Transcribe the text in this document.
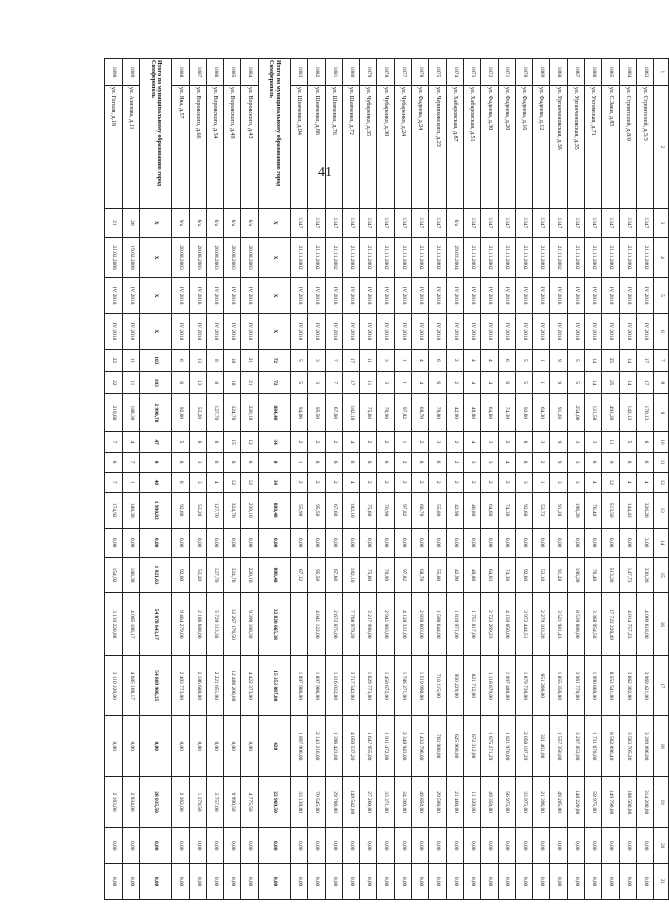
41
1	2	3	4	5	6	7	8	9	10	11	12	13	14	15	16	17	18	19	20	21
1063	ул. Строителей, д.5/3	1347	21.11.2002	IV 2018	IV 2018	17	17	170,13	6	6	4	326,20	3,00	330,20	4 009 616,00	3 969 421,00	3 399 896,00	314 200,00	0,00	0,00
1064	ул. Строителей, д.8/0	1347	21.11.2002	IV 2018	IV 2018	14	14	142,13	5	6	4	144,43	0,00	147,73	4 014 757,23	3 662 302,00	3 563 705,20	106 500,00	0,00	0,00
1065	ул. С.Заки, д.85	1347	21.11.2002	IV 2018	IV 2018	25	25	493,20	11	9	12	513,50	0,00	513,20	17 722 228,49	8 551 541,00	8 562 896,40	149 790,00	0,00	0,00
1066	ул. Ухтомская, д.71	1347	21.11.2002	IV 2018	IV 2018	14	14	121,58	3	6	4	76,40	0,00	76,40	3 368 954,58	1 990 660,00	1 731 678,00	59 975,00	0,00	0,00
1067	ул. Урганченовская, д.35	1347	21.11.2002	IV 2018	IV 2018	5	5	254,00	3	3	3	196,20	0,00	196,20	8 539 608,00	3 961 770,00	3 297 853,00	148 220,00	0,00	0,00
1068	ул. Урганченовская, д.36	1347	21.11.2002	IV 2018	IV 2018	9	9	91,28	9	9	3	91,28	0,00	91,28	3 521 981,43	1 855 356,00	1 557 350,00	49 205,00	0,00	0,00
1069	ул. Фадеева, д.12	1347	21.11.2002	IV 2018	IV 2018	1	1	64,30	3	2	1	53,72	0,00	53,10	2 279 103,20	651 200,00	321 461,00	21 396,00	0,00	0,00
1070	ул. Фадеева, д.16	1347	21.11.2002	IV 2018	IV 2018	5	5	92,60	6	6	3	92,60	0,00	92,60	3 972 444,51	1 879 730,00	2 058 197,29	33 975,00	0,00	0,00
1071	ул. Фадеева, д.20	1347	21.11.2002	IV 2018	IV 2018	6	6	74,30	2	4	2	74,30	0,00	74,30	4 159 050,00	1 997 480,00	1 821 970,00	56 975,00	0,00	0,00
1072	ул. Фадеева, д.30	1347	21.11.2002	IV 2018	IV 2018	4	4	64,60	3	3	2	64,60	0,00	64,03	2 723 269,23	1 118 679,00	1 675 271,29	49 350,00	0,00	0,00
1073	ул. Хабаровская, д.51	1347	21.11.2002	IV 2018	IV 2018	4	4	40,80	4	3	2	40,80	0,00	40,80	1 751 817,00	821 712,00	672 312,00	11 320,00	0,00	0,00
1074	ул. Хабаровская, д.87	6/а	29.03.2004	IV 2018	IV 2018	2	2	42,90	2	2	2	42,90	0,00	42,90	1 810 971,00	950 229,00	625 968,00	21 460,00	0,00	0,00
1075	ул. Черняховского, д.23	1347	21.11.2002	IV 2018	IV 2018	6	6	70,80	3	6	2	55,80	0,00	55,80	1 580 644,00	718 115,00	703 980,00	29 580,00	0,00	0,00
1076	ул. Фадеева, д.24	1347	21.11.2002	IV 2018	IV 2018	4	4	68,70	2	6	2	68,70	0,00	68,70	2 830 603,00	1 519 990,00	1 432 796,00	49 850,00	0,00	0,00
1077	ул. Чубаренко, д.24	1347	21.11.2002	IV 2018	IV 2018	1	1	97,82	1	2	2	97,82	0,00	97,82	4 128 331,00	1 786 271,00	2 348 943,00	24 300,00	0,00	0,00
1078	ул. Чубаренко, д.30	1347	21.11.2002	IV 2018	IV 2018	3	3	70,90	2	6	2	70,90	0,00	70,90	2 941 983,00	1 458 672,00	1 911 472,00	33 371,00	0,00	0,00
1079	ул. Чубаренко, д.35	1347	21.11.2002	IV 2018	IV 2018	11	11	75,60	2	6	2	75,60	0,00	75,60	3 217 998,00	1 629 773,00	1 647 955,00	27 200,00	0,00	0,00
1080	ул. Шевченко, д.72	1347	21.11.2002	IV 2018	IV 2018	17	17	182,10	4	6	4	182,10	0,00	182,10	7 768 979,20	3 717 542,00	4 050 537,20	149 542,00	0,00	0,00
1081	ул. Шевченко, д.76	1347	21.11.2002	IV 2018	IV 2018	7	7	67,60	2	6	2	67,60	0,00	67,60	2 672 875,00	1 316 032,00	1 396 423,00	29 700,00	0,00	0,00
1082	ул. Шевченко, д.86	1347	21.11.2002	IV 2018	IV 2018	3	3	95,50	2	6	2	95,50	0,00	95,50	4 041 122,00	1 897 906,00	2 143 216,00	70 545,00	0,00	0,00
1083	ул. Шевченко, д.94	1347	21.11.2002	IV 2018	IV 2018	5	5	94,06	2	1	2	55,90	0,00	67,12		1 897 906,00	1 897 906,00	33 130,00	0,00	0,00
Итого по муниципальному образованию город Симферополь		X	X	X	X	72	72	884,40	34	0	34	880,40	0,00	880,40	32 820 665,38	15 353 887,00	420	22 969,50	0,00	0,00
1084	ул. Воровского, д.43	6/а	20.08.2003	IV 2018	IV 2018	21	21	220,10	12	6	12	220,10	0,00	220,10	9 390 108,30	4 422 373,00	0,00	4 775,50	0,00	0,00
1085	ул. Воровского, д.49	6/а	20.08.2003	IV 2018	IV 2018	18	18	324,70	15	6	12	324,70	0,00	324,70	12 267 176,50	12 486 206,00	0,00	9 990,50	0,00	0,00
1086	ул. Воровского, д.54	6/а	20.08.2003	IV 2018	IV 2018	8	8	127,70	6	6	4	127,70	0,00	127,70	5 729 113,36	2 221 651,00	0,00	3 757,00	0,00	0,00
1087	ул. Воровского, д.66	6/а	20.08.2003	IV 2018	IV 2018	13	13	53,20	6	3	3	53,20	0,00	53,20	2 186 688,00	2 186 688,00	0,00	1 379,50	0,00	0,00
1088	ул. Ява, д.57	9/а	20.08.2003	IV 2018	IV 2018	6	6	92,00	5	6	6	92,00	0,00	92,00	9 464 279,00	2 403 773,00	0,00	2 362,00	0,00	0,00
Итого по муниципальному образованию город Симферополь		X	X	X	X	103	103	2 990,70	47	0	40	1 990,82	0,00	1 921,63	54 878 643,17	54 809 906,35	0,00	28 035,50	0,00	0,00
1089	ул. Азизова, д.11	20	19.02.2008	IV 2018	IV 2018	11	11	188,30	4	7	1	188,30	0,00	188,30	4 085 106,17	4 085 106,17	0,00	2 934,00	0,00	0,00
1090	ул. Гоголя, д.18	21	21.02.2008	IV 2018	IV 2018	22	22	219,60	7	6	7	174,92	0,00	154,92	3 110 220,00	3 110 220,00	0,00	2 163,00	0,00	0,00
